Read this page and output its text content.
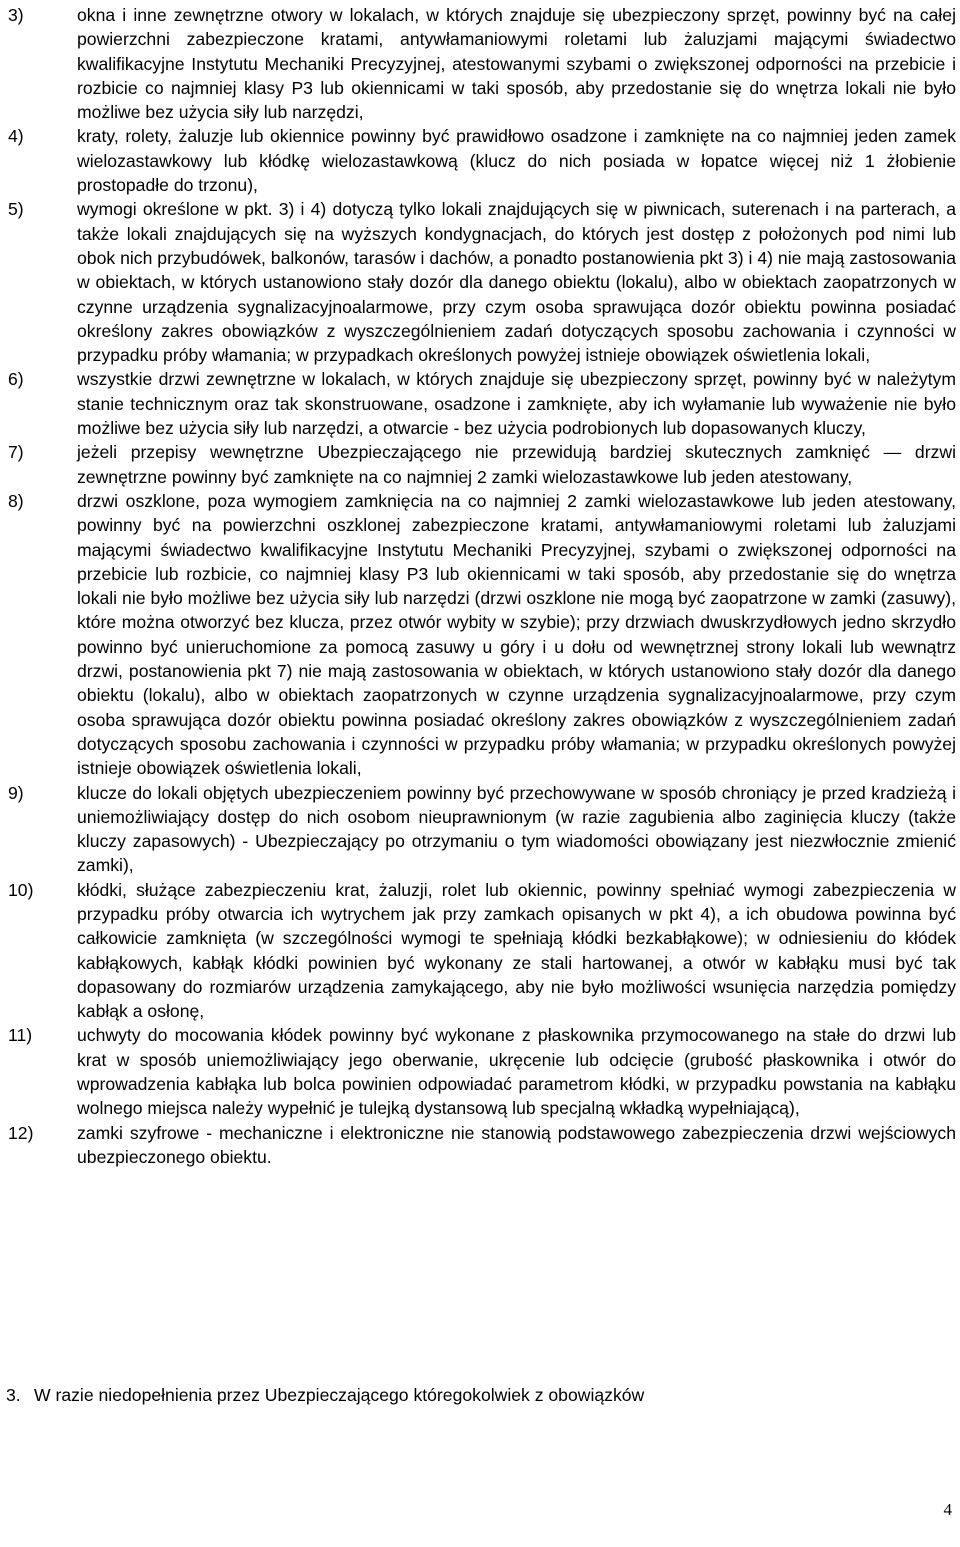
3)	okna i inne zewnętrzne otwory w lokalach, w których znajduje się ubezpieczony sprzęt, powinny być na całej powierzchni zabezpieczone kratami, antywłamaniowymi roletami lub żaluzjami mającymi świadectwo kwalifikacyjne Instytutu Mechaniki Precyzyjnej, atestowanymi szybami o zwiększonej odporności na przebicie i rozbicie co najmniej klasy P3 lub okiennicami w taki sposób, aby przedostanie się do wnętrza lokali nie było możliwe bez użycia siły lub narzędzi,
4)	kraty, rolety, żaluzje lub okiennice powinny być prawidłowo osadzone i zamknięte na co najmniej jeden zamek wielozastawkowy lub kłódkę wielozastawkową (klucz do nich posiada w łopatce więcej niż 1 żłobienie prostopadłe do trzonu),
5)	wymogi określone w pkt. 3) i 4) dotyczą tylko lokali znajdujących się w piwnicach, suterenach i na parterach, a także lokali znajdujących się na wyższych kondygnacjach, do których jest dostęp z położonych pod nimi lub obok nich przybudówek, balkonów, tarasów i dachów, a ponadto postanowienia pkt 3) i 4) nie mają zastosowania w obiektach, w których ustanowiono stały dozór dla danego obiektu (lokalu), albo w obiektach zaopatrzonych w czynne urządzenia sygnalizacyjnoalarmowe, przy czym osoba sprawująca dozór obiektu powinna posiadać określony zakres obowiązków z wyszczególnieniem zadań dotyczących sposobu zachowania i czynności w przypadku próby włamania; w przypadkach określonych powyżej istnieje obowiązek oświetlenia lokali,
6)	wszystkie drzwi zewnętrzne w lokalach, w których znajduje się ubezpieczony sprzęt, powinny być w należytym stanie technicznym oraz tak skonstruowane, osadzone i zamknięte, aby ich wyłamanie lub wyważenie nie było możliwe bez użycia siły lub narzędzi, a otwarcie - bez użycia podrobionych lub dopasowanych kluczy,
7)	jeżeli przepisy wewnętrzne Ubezpieczającego nie przewidują bardziej skutecznych zamknięć — drzwi zewnętrzne powinny być zamknięte na co najmniej 2 zamki wielozastawkowe lub jeden atestowany,
8)	drzwi oszklone, poza wymogiem zamknięcia na co najmniej 2 zamki wielozastawkowe lub jeden atestowany, powinny być na powierzchni oszklonej zabezpieczone kratami, antywłamaniowymi roletami lub żaluzjami mającymi świadectwo kwalifikacyjne Instytutu Mechaniki Precyzyjnej, szybami o zwiększonej odporności na przebicie lub rozbicie, co najmniej klasy P3 lub okiennicami w taki sposób, aby przedostanie się do wnętrza lokali nie było możliwe bez użycia siły lub narzędzi (drzwi oszklone nie mogą być zaopatrzone w zamki (zasuwy), które można otworzyć bez klucza, przez otwór wybity w szybie); przy drzwiach dwuskrzydłowych jedno skrzydło powinno być unieruchomione za pomocą zasuwy u góry i u dołu od wewnętrznej strony lokali lub wewnątrz drzwi, postanowienia pkt 7) nie mają zastosowania w obiektach, w których ustanowiono stały dozór dla danego obiektu (lokalu), albo w obiektach zaopatrzonych w czynne urządzenia sygnalizacyjnoalarmowe, przy czym osoba sprawująca dozór obiektu powinna posiadać określony zakres obowiązków z wyszczególnieniem zadań dotyczących sposobu zachowania i czynności w przypadku próby włamania; w przypadku określonych powyżej istnieje obowiązek oświetlenia lokali,
9)	klucze do lokali objętych ubezpieczeniem powinny być przechowywane w sposób chroniący je przed kradzieżą i uniemożliwiający dostęp do nich osobom nieuprawnionym (w razie zagubienia albo zaginięcia kluczy (także kluczy zapasowych) - Ubezpieczający po otrzymaniu o tym wiadomości obowiązany jest niezwłocznie zmienić zamki),
10) kłódki, służące zabezpieczeniu krat, żaluzji, rolet lub okiennic, powinny spełniać wymogi zabezpieczenia w przypadku próby otwarcia ich wytrychem jak przy zamkach opisanych w pkt 4), a ich obudowa powinna być całkowicie zamknięta (w szczególności wymogi te spełniają kłódki bezkabłąkowe); w odniesieniu do kłódek kabłąkowych, kabłąk kłódki powinien być wykonany ze stali hartowanej, a otwór w kabłąku musi być tak dopasowany do rozmiarów urządzenia zamykającego, aby nie było możliwości wsunięcia narzędzia pomiędzy kabłąk a osłonę,
11)	uchwyty do mocowania kłódek powinny być wykonane z płaskownika przymocowanego na stałe do drzwi lub krat w sposób uniemożliwiający jego oberwanie, ukręcenie lub odcięcie (grubość płaskownika i otwór do wprowadzenia kabłąka lub bolca powinien odpowiadać parametrom kłódki, w przypadku powstania na kabłąku wolnego miejsca należy wypełnić je tulejką dystansową lub specjalną wkładką wypełniającą),
12) zamki szyfrowe - mechaniczne i elektroniczne nie stanowią podstawowego zabezpieczenia drzwi wejściowych ubezpieczonego obiektu.
3. W razie niedopełnienia przez Ubezpieczającego któregokolwiek z obowiązków
4
